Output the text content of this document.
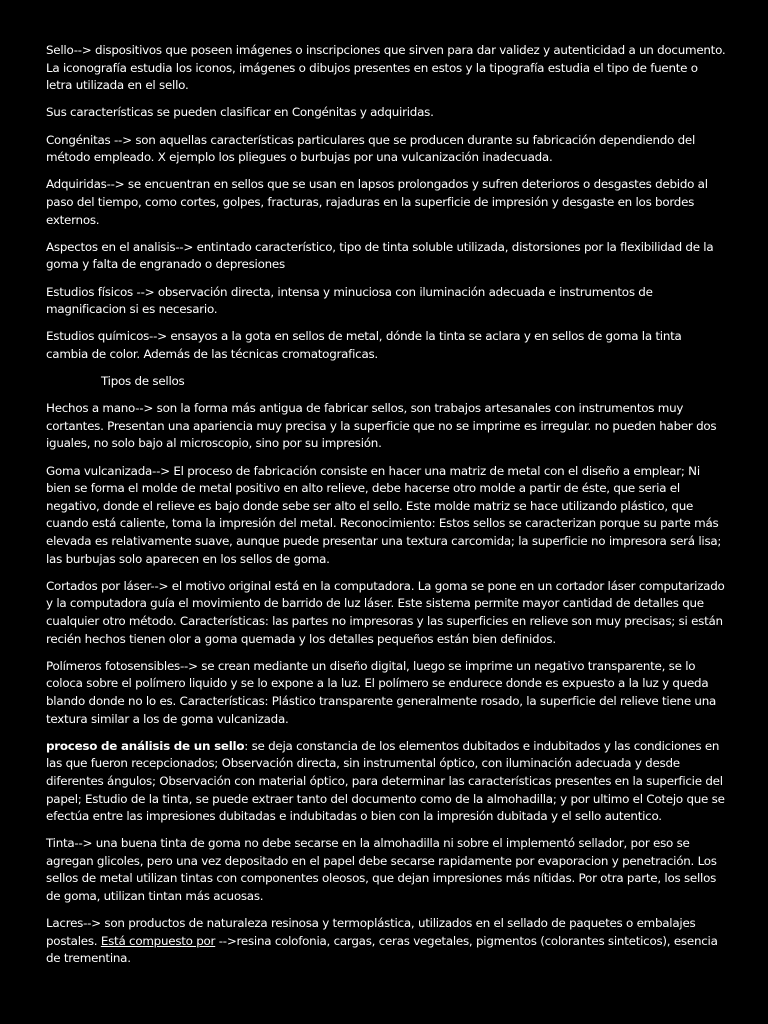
Sello--> dispositivos que poseen imágenes o inscripciones que sirven para dar validez y autenticidad a un documento. La iconografía estudia los iconos, imágenes o dibujos presentes en estos y la tipografía estudia el tipo de fuente o letra utilizada en el sello.

Sus características se pueden clasificar en Congénitas y adquiridas.

Congénitas --> son aquellas características particulares que se producen durante su fabricación dependiendo del método empleado. X ejemplo los pliegues o burbujas por una vulcanización inadecuada.

Adquiridas--> se encuentran en sellos que se usan en lapsos prolongados y sufren deterioros o desgastes debido al paso del tiempo, como cortes, golpes, fracturas, rajaduras en la superficie de impresión y desgaste en los bordes externos.

Aspectos en el analisis--> entintado característico, tipo de tinta soluble utilizada, distorsiones por la flexibilidad de la goma y falta de engranado o depresiones

Estudios físicos --> observación directa, intensa y minuciosa con iluminación adecuada e instrumentos de magnificacion si es necesario.

Estudios químicos--> ensayos a la gota en sellos de metal, dónde la tinta se aclara y en sellos de goma la tinta cambia de color. Además de las técnicas cromatograficas.

Tipos de sellos

Hechos a mano--> son la forma más antigua de fabricar sellos, son trabajos artesanales con instrumentos muy cortantes. Presentan una apariencia muy precisa y la superficie que no se imprime es irregular. no pueden haber dos iguales, no solo bajo al microscopio, sino por su impresión.

Goma vulcanizada--> El proceso de fabricación consiste en hacer una matriz de metal con el diseño a emplear; Ni bien se forma el molde de metal positivo en alto relieve, debe hacerse otro molde a partir de éste, que seria el negativo, donde el relieve es bajo donde sebe ser alto el sello. Este molde matriz se hace utilizando plástico, que cuando está caliente, toma la impresión del metal. Reconocimiento: Estos sellos se caracterizan porque su parte más elevada es relativamente suave, aunque puede presentar una textura carcomida; la superficie no impresora será lisa; las burbujas solo aparecen en los sellos de goma.

Cortados por láser--> el motivo original está en la computadora. La goma se pone en un cortador láser computarizado y la computadora guía el movimiento de barrido de luz láser. Este sistema permite mayor cantidad de detalles que cualquier otro método. Características: las partes no impresoras y las superficies en relieve son muy precisas; si están recién hechos tienen olor a goma quemada y los detalles pequeños están bien definidos.

Polímeros fotosensibles--> se crean mediante un diseño digital, luego se imprime un negativo transparente, se lo coloca sobre el polímero liquido y se lo expone a la luz. El polímero se endurece donde es expuesto a la luz y queda blando donde no lo es. Características: Plástico transparente generalmente rosado, la superficie del relieve tiene una textura similar a los de goma vulcanizada.

proceso de análisis de un sello: se deja constancia de los elementos dubitados e indubitados y las condiciones en las que fueron recepcionados; Observación directa, sin instrumental óptico, con iluminación adecuada y desde diferentes ángulos; Observación con material óptico, para determinar las características presentes en la superficie del papel; Estudio de la tinta, se puede extraer tanto del documento como de la almohadilla; y por ultimo el Cotejo que se efectúa entre las impresiones dubitadas e indubitadas o bien con la impresión dubitada y el sello autentico.

Tinta--> una buena tinta de goma no debe secarse en la almohadilla ni sobre el implementó sellador, por eso se agregan glicoles, pero una vez depositado en el papel debe secarse rapidamente por evaporacion y penetración. Los sellos de metal utilizan tintas con componentes oleosos, que dejan impresiones más nítidas. Por otra parte, los sellos de goma, utilizan tintan más acuosas.

Lacres--> son productos de naturaleza resinosa y termoplástica, utilizados en el sellado de paquetes o embalajes postales. Está compuesto por -->resina colofonia, cargas, ceras vegetales, pigmentos (colorantes sinteticos), esencia de trementina.
